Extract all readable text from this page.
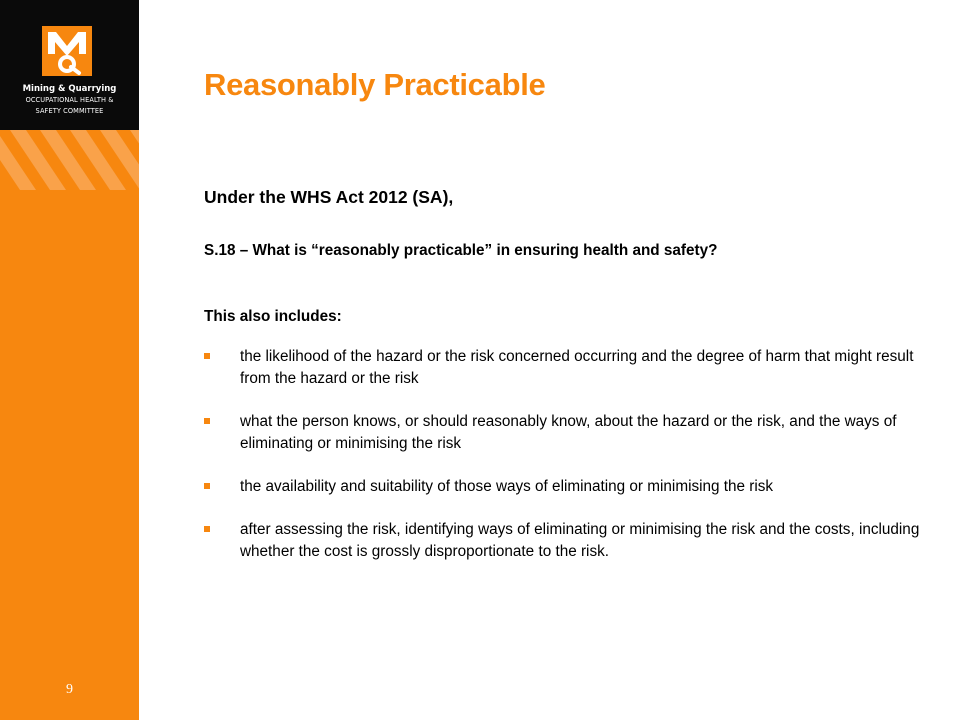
Mining & Quarrying
OCCUPATIONAL HEALTH &
SAFETY COMMITTEE
9
Reasonably Practicable
Under the WHS Act 2012 (SA),
S.18 – What is “reasonably practicable” in ensuring health and safety?
This also includes:
the likelihood of the hazard or the risk concerned occurring and the degree of harm that might result from the hazard or the risk
what the person knows, or should reasonably know, about the hazard or the risk, and the ways of eliminating or minimising the risk
the availability and suitability of those ways of eliminating or minimising the risk
after assessing the risk, identifying ways of eliminating or minimising the risk and the costs, including whether the cost is grossly disproportionate to the risk.
